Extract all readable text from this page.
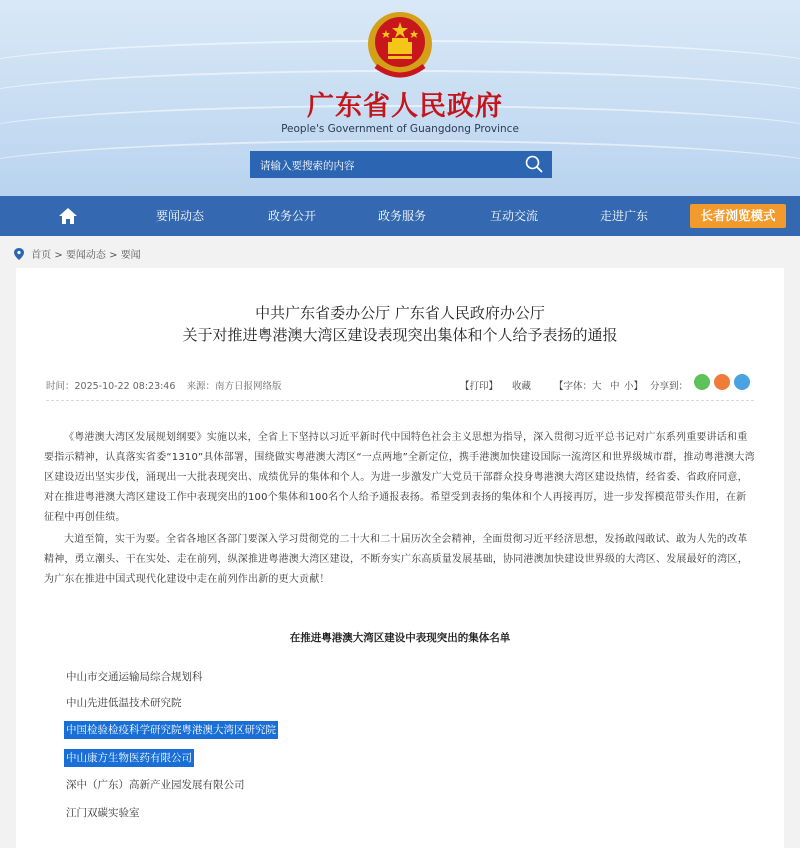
广东省人民政府
People's Government of Guangdong Province
请输入要搜索的内容
要闻动态	政务公开	政务服务	互动交流	走进广东	长者浏览模式
首页 > 要闻动态 > 要闻
中共广东省委办公厅 广东省人民政府办公厅
关于对推进粤港澳大湾区建设表现突出集体和个人给予表扬的通报
时间：2025-10-22 08:23:46 来源：南方日报网络版	【打印】 收藏 【字体：大 中 小】 分享到：
《粤港澳大湾区发展规划纲要》实施以来，全省上下坚持以习近平新时代中国特色社会主义思想为指导，深入贯彻习近平总书记对广东系列重要讲话和重要指示精神，认真落实省委“1310”具体部署，围绕做实粤港澳大湾区“一点两地”全新定位，携手港澳加快建设国际一流湾区和世界级城市群，推动粤港澳大湾区建设迈出坚实步伐，涌现出一大批表现突出、成绩优异的集体和个人。为进一步激发广大党员干部群众投身粤港澳大湾区建设热情，经省委、省政府同意，对在推进粤港澳大湾区建设工作中表现突出的100个集体和100名个人给予通报表扬。希望受到表扬的集体和个人再接再厉，进一步发挥模范带头作用，在新征程中再创佳绩。
大道至简，实干为要。全省各地区各部门要深入学习贯彻党的二十大和二十届历次全会精神，全面贯彻习近平经济思想，发扬敢闯敢试、敢为人先的改革精神，勇立潮头、干在实处、走在前列，纵深推进粤港澳大湾区建设，不断夯实广东高质量发展基础，协同港澳加快建设世界级的大湾区、发展最好的湾区，为广东在推进中国式现代化建设中走在前列作出新的更大贡献！
在推进粤港澳大湾区建设中表现突出的集体名单
中山市交通运输局综合规划科
中山先进低温技术研究院
中国检验检疫科学研究院粤港澳大湾区研究院
中山康方生物医药有限公司
深中（广东）高新产业园发展有限公司
江门双碳实验室
